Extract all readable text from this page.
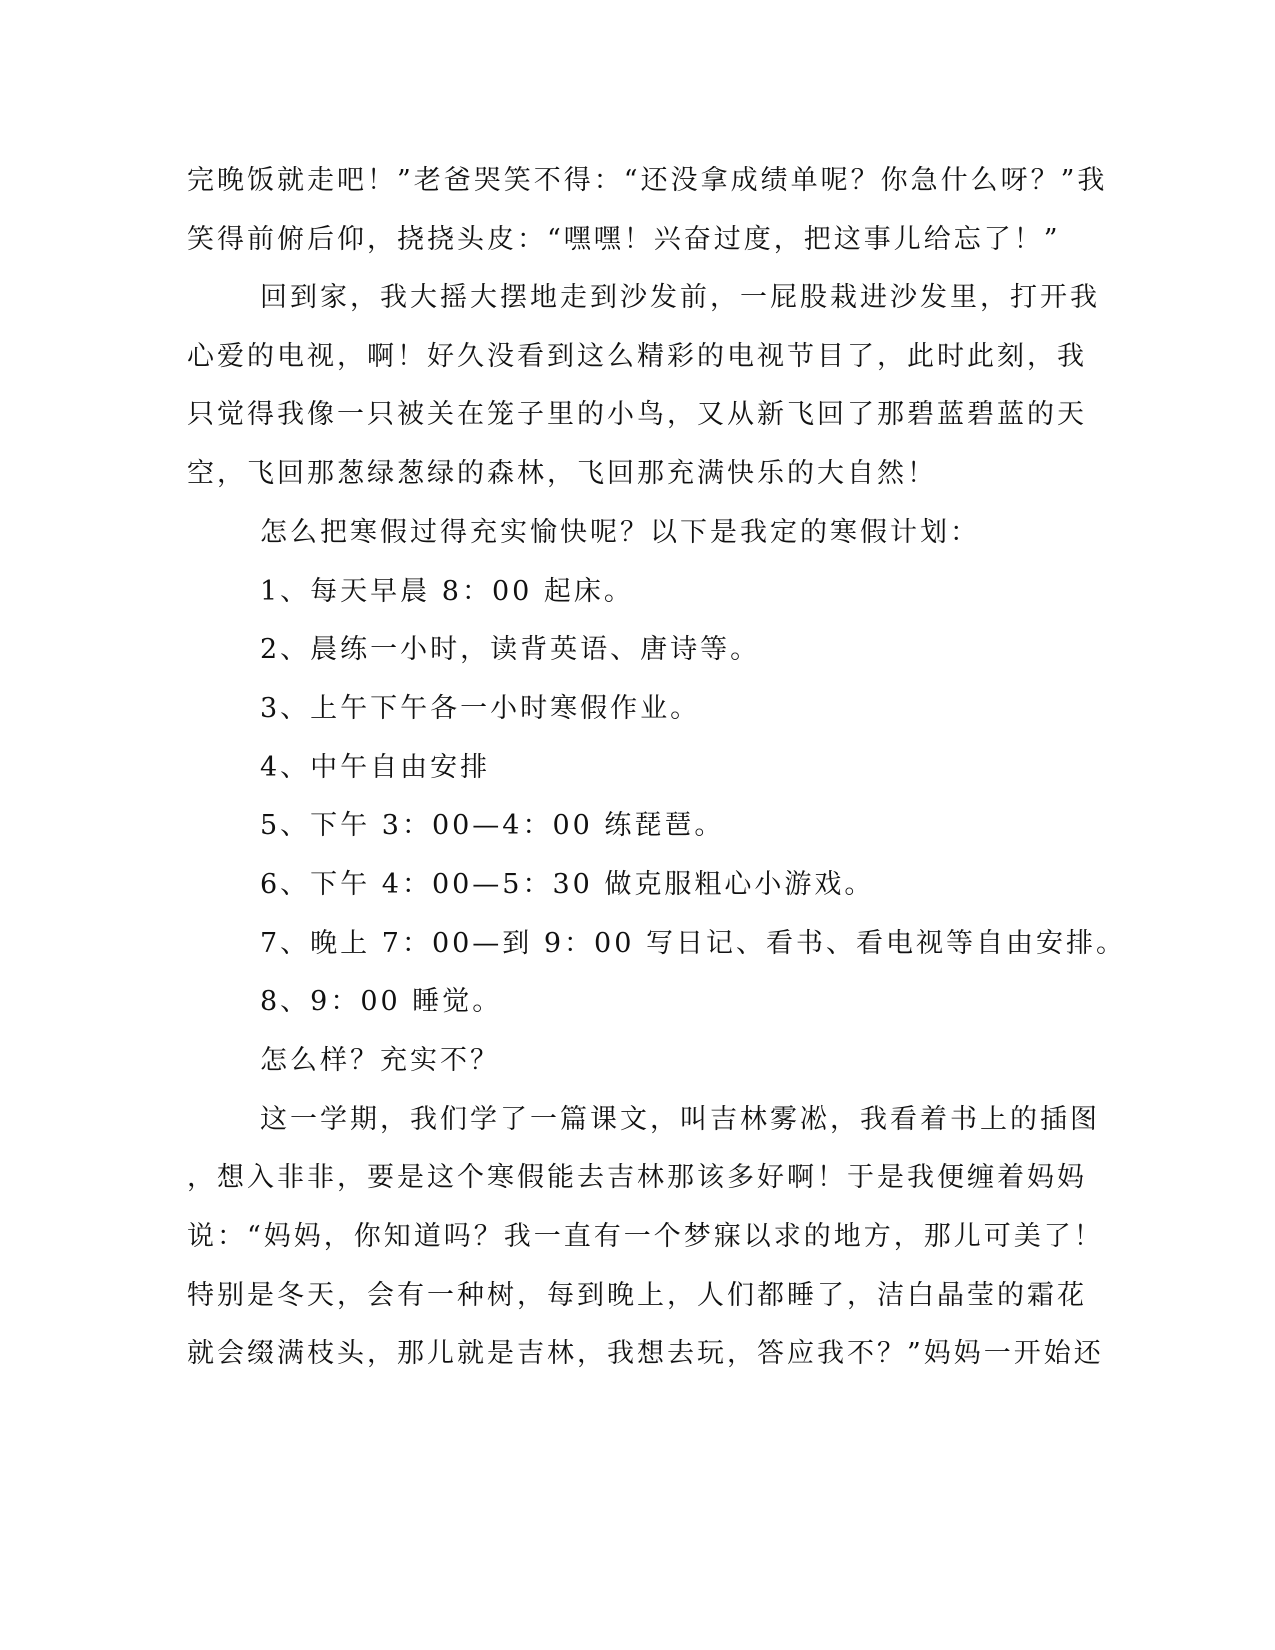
完晚饭就走吧！”老爸哭笑不得：“还没拿成绩单呢？你急什么呀？”我
笑得前俯后仰，挠挠头皮：“嘿嘿！兴奋过度，把这事儿给忘了！”
回到家，我大摇大摆地走到沙发前，一屁股栽进沙发里，打开我
心爱的电视，啊！好久没看到这么精彩的电视节目了，此时此刻，我
只觉得我像一只被关在笼子里的小鸟，又从新飞回了那碧蓝碧蓝的天
空，飞回那葱绿葱绿的森林，飞回那充满快乐的大自然！
怎么把寒假过得充实愉快呢？以下是我定的寒假计划：
1、每天早晨 8：00 起床。
2、晨练一小时，读背英语、唐诗等。
3、上午下午各一小时寒假作业。
4、中午自由安排
5、下午 3：00—4：00 练琵琶。
6、下午 4：00—5：30 做克服粗心小游戏。
7、晚上 7：00—到 9：00 写日记、看书、看电视等自由安排。
8、9：00 睡觉。
怎么样？充实不？
这一学期，我们学了一篇课文，叫吉林雾凇，我看着书上的插图
，想入非非，要是这个寒假能去吉林那该多好啊！于是我便缠着妈妈
说：“妈妈，你知道吗？我一直有一个梦寐以求的地方，那儿可美了！
特别是冬天，会有一种树，每到晚上，人们都睡了，洁白晶莹的霜花
就会缀满枝头，那儿就是吉林，我想去玩，答应我不？”妈妈一开始还
